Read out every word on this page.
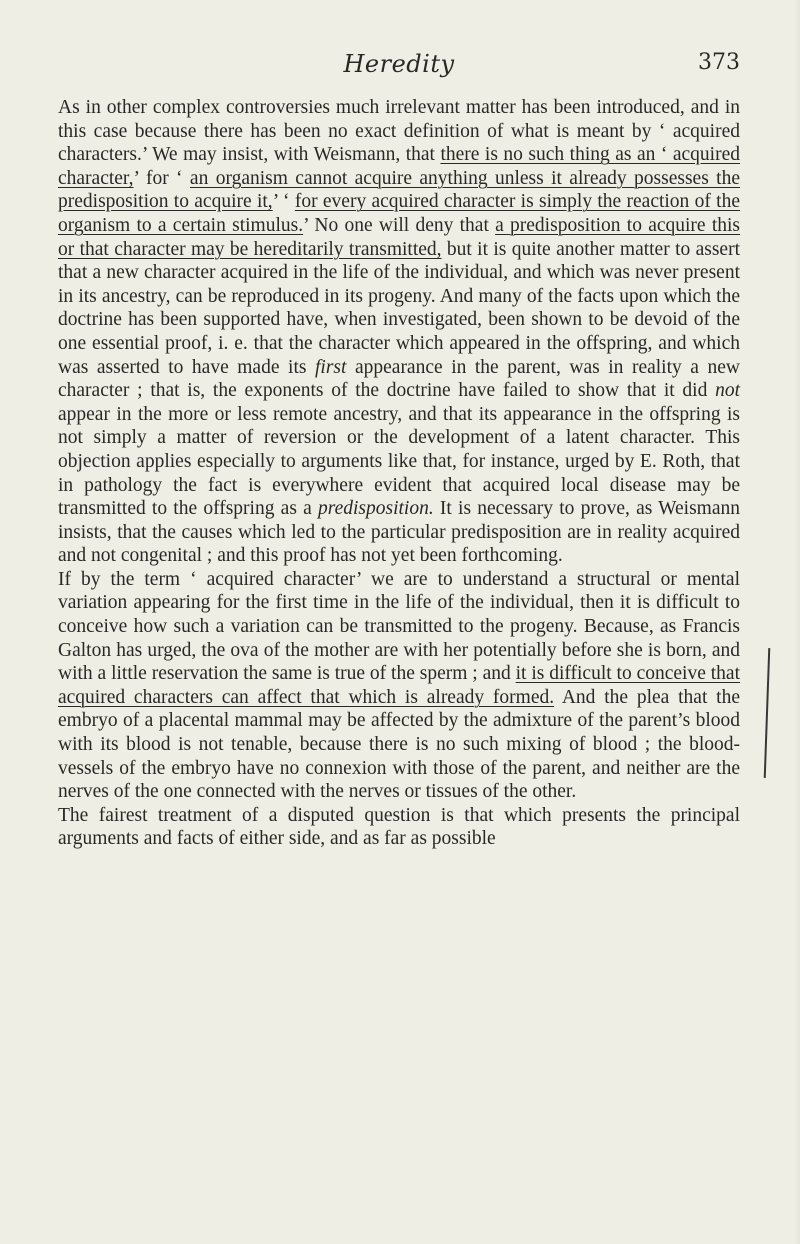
Heredity	373

As in other complex controversies much irrelevant matter has been introduced, and in this case because there has been no exact definition of what is meant by ‘ acquired characters.’ We may insist, with Weismann, that there is no such thing as an ‘ acquired character,’ for ‘ an organism cannot acquire anything unless it already possesses the predisposition to acquire it,’ ‘ for every acquired character is simply the reaction of the organism to a certain stimulus.’ No one will deny that a predisposition to acquire this or that character may be hereditarily transmitted, but it is quite another matter to assert that a new character acquired in the life of the individual, and which was never present in its ancestry, can be reproduced in its progeny. And many of the facts upon which the doctrine has been supported have, when investigated, been shown to be devoid of the one essential proof, i. e. that the character which appeared in the offspring, and which was asserted to have made its first appearance in the parent, was in reality a new character ; that is, the exponents of the doctrine have failed to show that it did not appear in the more or less remote ancestry, and that its appearance in the offspring is not simply a matter of reversion or the development of a latent character. This objection applies especially to arguments like that, for instance, urged by E. Roth, that in pathology the fact is everywhere evident that acquired local disease may be transmitted to the offspring as a predisposition. It is necessary to prove, as Weismann insists, that the causes which led to the particular predisposition are in reality acquired and not congenital ; and this proof has not yet been forthcoming.

If by the term ‘ acquired character’ we are to understand a structural or mental variation appearing for the first time in the life of the individual, then it is difficult to conceive how such a variation can be transmitted to the progeny. Because, as Francis Galton has urged, the ova of the mother are with her potentially before she is born, and with a little reservation the same is true of the sperm ; and it is difficult to conceive that acquired characters can affect that which is already formed. And the plea that the embryo of a placental mammal may be affected by the admixture of the parent’s blood with its blood is not tenable, because there is no such mixing of blood ; the blood-vessels of the embryo have no connexion with those of the parent, and neither are the nerves of the one connected with the nerves or tissues of the other.

The fairest treatment of a disputed question is that which presents the principal arguments and facts of either side, and as far as possible
